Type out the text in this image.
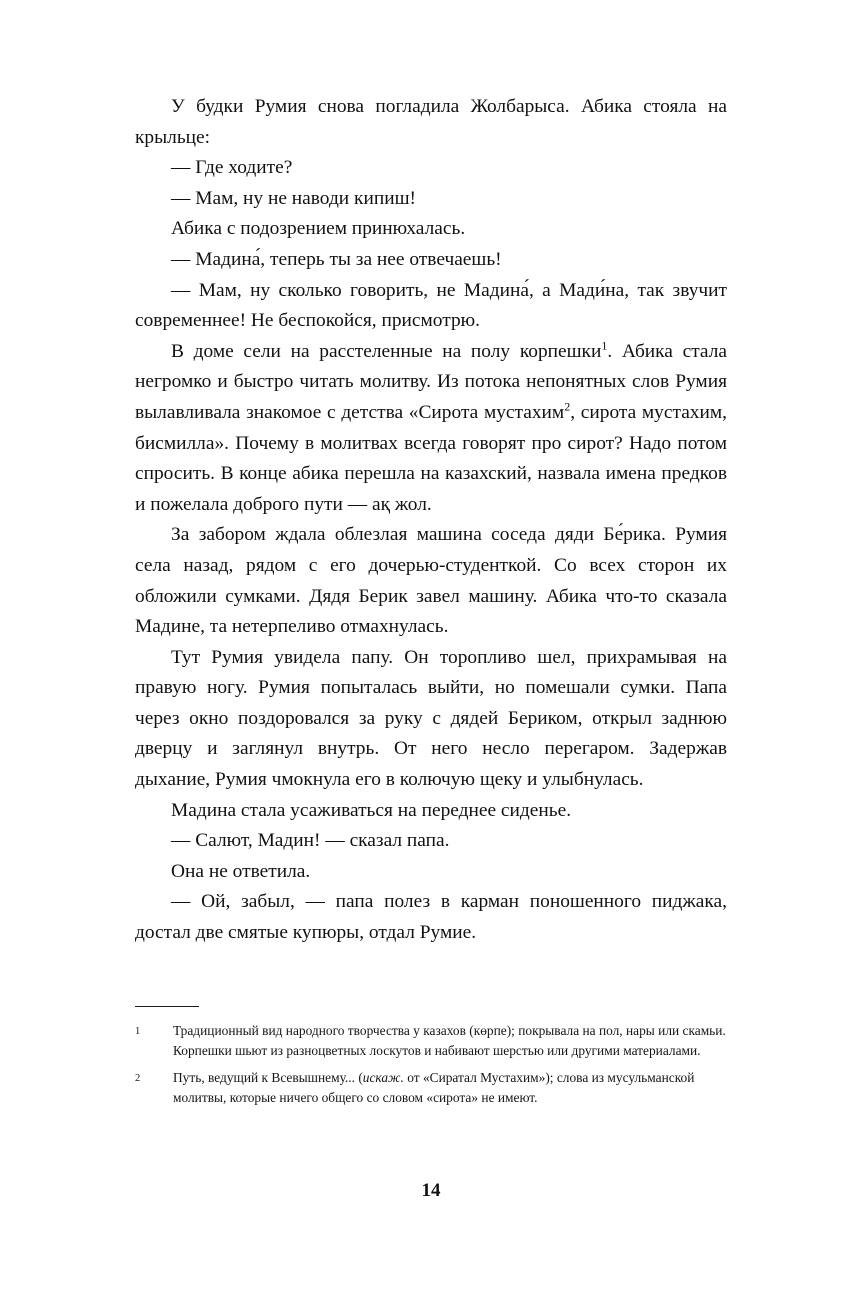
У будки Румия снова погладила Жолбарыса. Абика стояла на крыльце:

— Где ходите?

— Мам, ну не наводи кипиш!

Абика с подозрением принюхалась.

— Мадина́, теперь ты за нее отвечаешь!

— Мам, ну сколько говорить, не Мадина́, а Мади́на, так звучит современнее! Не беспокойся, присмотрю.

В доме сели на расстеленные на полу корпешки$^1$. Абика стала негромко и быстро читать молитву. Из потока непонятных слов Румия вылавливала знакомое с детства «Сирота мустахим$^2$, сирота мустахим, бисмилла». Почему в молитвах всегда говорят про сирот? Надо потом спросить. В конце абика перешла на казахский, назвала имена предков и пожелала доброго пути — ақ жол.

За забором ждала облезлая машина соседа дяди Бе́рика. Румия села назад, рядом с его дочерью-студенткой. Со всех сторон их обложили сумками. Дядя Берик завел машину. Абика что-то сказала Мадине, та нетерпеливо отмахнулась.

Тут Румия увидела папу. Он торопливо шел, прихрамывая на правую ногу. Румия попыталась выйти, но помешали сумки. Папа через окно поздоровался за руку с дядей Бериком, открыл заднюю дверцу и заглянул внутрь. От него несло перегаром. Задержав дыхание, Румия чмокнула его в колючую щеку и улыбнулась.

Мадина стала усаживаться на переднее сиденье.

— Салют, Мадин! — сказал папа.

Она не ответила.

— Ой, забыл, — папа полез в карман поношенного пиджака, достал две смятые купюры, отдал Румие.

1	Традиционный вид народного творчества у казахов (көрпе); покрывала на пол, нары или скамьи. Корпешки шьют из разноцветных лоскутов и набивают шерстью или другими материалами.
2	Путь, ведущий к Всевышнему... (искаж. от «Сиратал Мустахим»); слова из мусульманской молитвы, которые ничего общего со словом «сирота» не имеют.
14
